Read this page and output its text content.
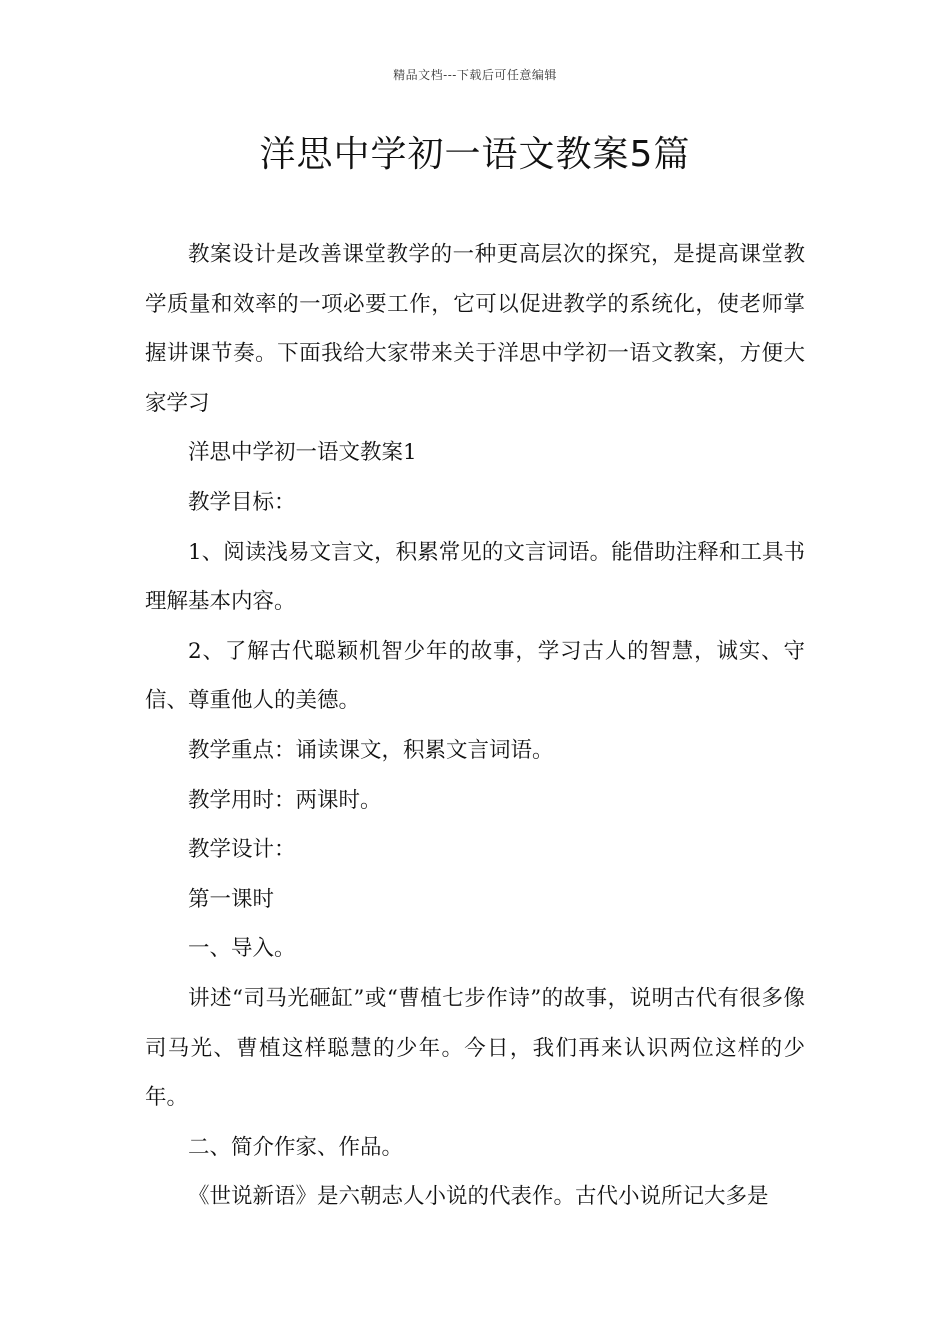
精品文档---下载后可任意编辑
洋思中学初一语文教案5篇

教案设计是改善课堂教学的一种更高层次的探究，是提高课堂教学质量和效率的一项必要工作，它可以促进教学的系统化，使老师掌握讲课节奏。下面我给大家带来关于洋思中学初一语文教案，方便大家学习

洋思中学初一语文教案1

教学目标：

1、阅读浅易文言文，积累常见的文言词语。能借助注释和工具书理解基本内容。

2、了解古代聪颖机智少年的故事，学习古人的智慧，诚实、守信、尊重他人的美德。

教学重点：诵读课文，积累文言词语。

教学用时：两课时。

教学设计：

第一课时

一、导入。

讲述“司马光砸缸”或“曹植七步作诗”的故事，说明古代有很多像司马光、曹植这样聪慧的少年。今日，我们再来认识两位这样的少年。

二、简介作家、作品。

《世说新语》是六朝志人小说的代表作。古代小说所记大多是
